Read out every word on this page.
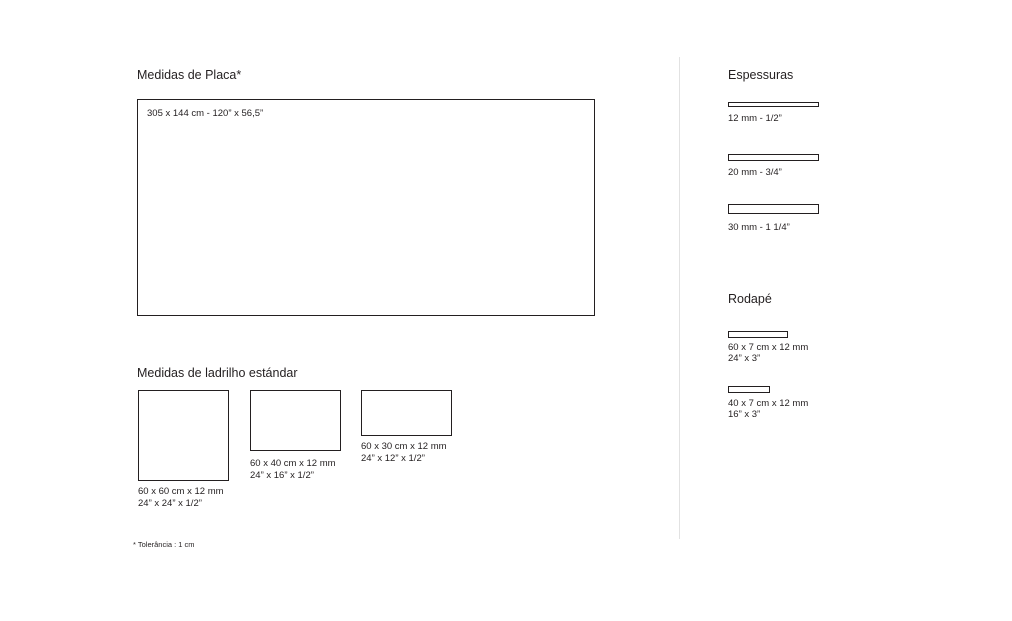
Medidas de Placa*
305 x 144 cm - 120” x 56,5”
Medidas de ladrilho estándar
60 x 60 cm x 12 mm
24” x 24” x 1/2”
60 x 40 cm x 12 mm
24” x 16” x 1/2”
60 x 30 cm x 12 mm
24” x 12” x 1/2”
* Tolerância : 1 cm
Espessuras
12 mm - 1/2”
20 mm - 3/4”
30 mm - 1 1/4”
Rodapé
60 x 7 cm x 12 mm
24” x 3”
40 x 7 cm x 12 mm
16” x 3”
